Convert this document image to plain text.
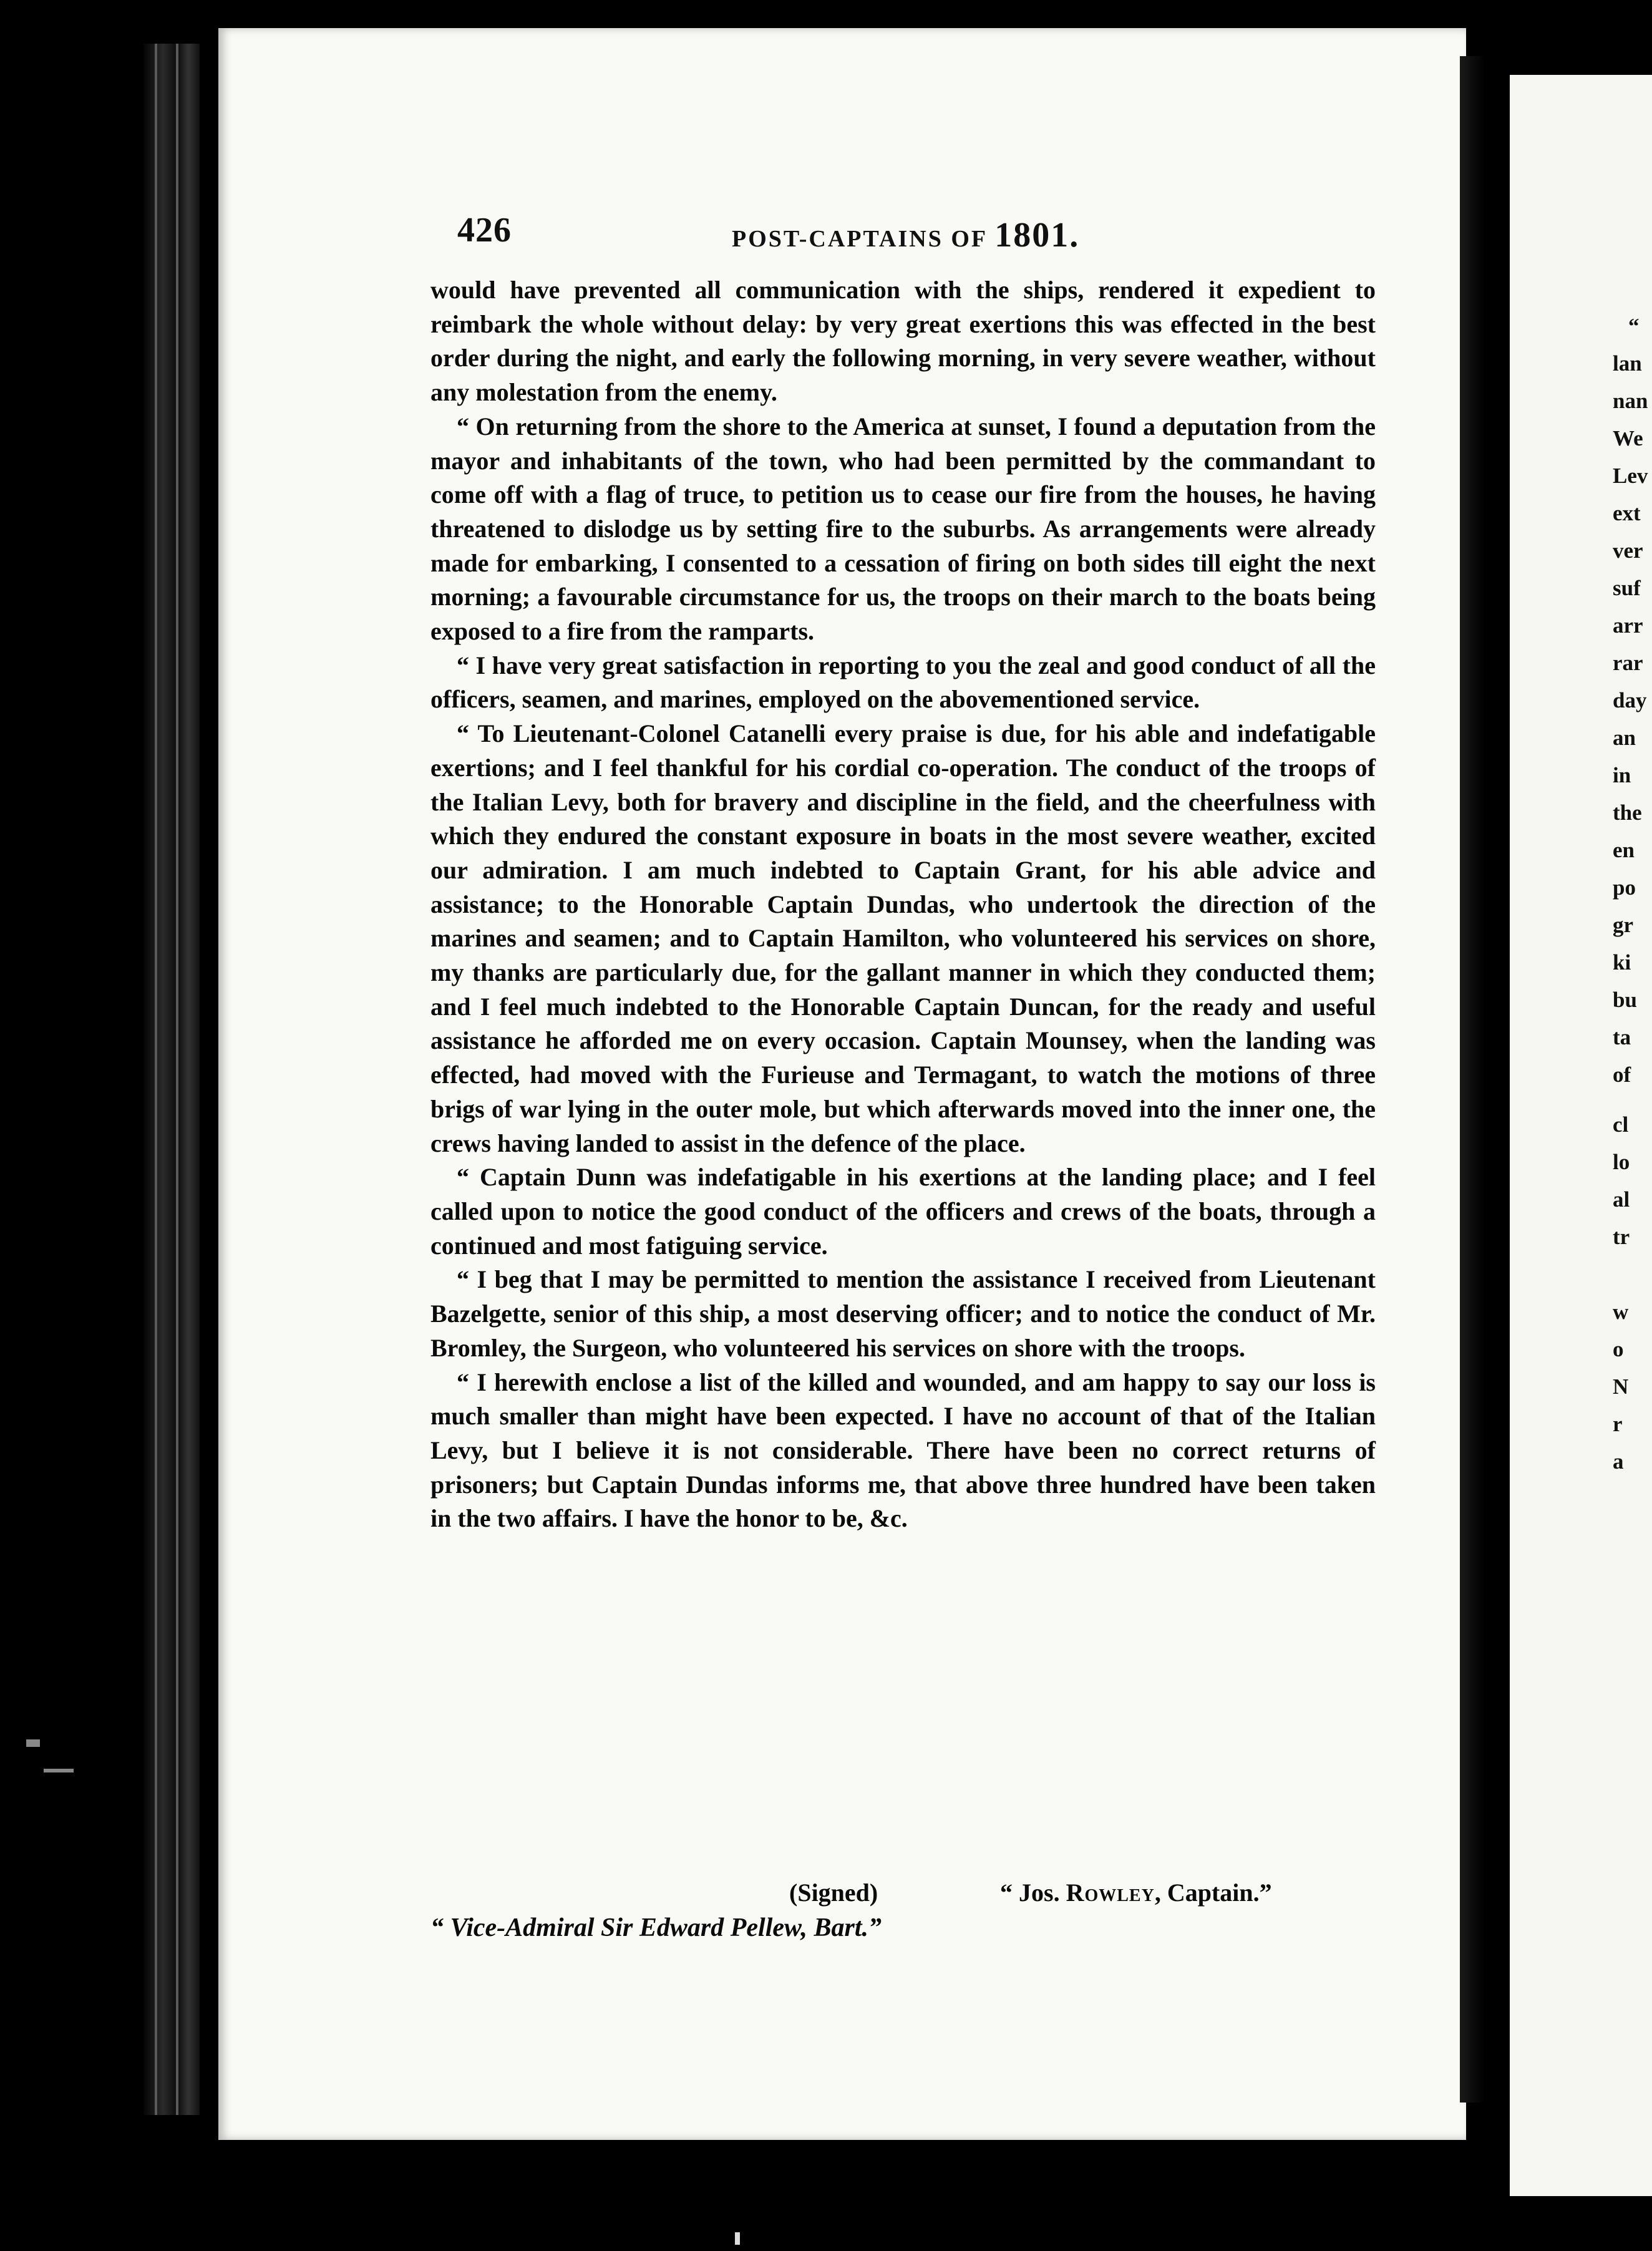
“
lan
nan
We
Lev
ext
ver
suf
arr
rar
day
an
in
the
en
po
gr
ki
bu
ta
of
cl
lo
al
tr
w
o
N
r
a
426	POST-CAPTAINS OF 1801.

would have prevented all communication with the ships, rendered it expedient to reimbark the whole without delay: by very great exertions this was effected in the best order during the night, and early the following morning, in very severe weather, without any molestation from the enemy.

“ On returning from the shore to the America at sunset, I found a deputation from the mayor and inhabitants of the town, who had been permitted by the commandant to come off with a flag of truce, to petition us to cease our fire from the houses, he having threatened to dislodge us by setting fire to the suburbs. As arrangements were already made for embarking, I consented to a cessation of firing on both sides till eight the next morning; a favourable circumstance for us, the troops on their march to the boats being exposed to a fire from the ramparts.

“ I have very great satisfaction in reporting to you the zeal and good conduct of all the officers, seamen, and marines, employed on the abovementioned service.

“ To Lieutenant-Colonel Catanelli every praise is due, for his able and indefatigable exertions; and I feel thankful for his cordial co-operation. The conduct of the troops of the Italian Levy, both for bravery and discipline in the field, and the cheerfulness with which they endured the constant exposure in boats in the most severe weather, excited our admiration. I am much indebted to Captain Grant, for his able advice and assistance; to the Honorable Captain Dundas, who undertook the direction of the marines and seamen; and to Captain Hamilton, who volunteered his services on shore, my thanks are particularly due, for the gallant manner in which they conducted them; and I feel much indebted to the Honorable Captain Duncan, for the ready and useful assistance he afforded me on every occasion. Captain Mounsey, when the landing was effected, had moved with the Furieuse and Termagant, to watch the motions of three brigs of war lying in the outer mole, but which afterwards moved into the inner one, the crews having landed to assist in the defence of the place.

“ Captain Dunn was indefatigable in his exertions at the landing place; and I feel called upon to notice the good conduct of the officers and crews of the boats, through a continued and most fatiguing service.

“ I beg that I may be permitted to mention the assistance I received from Lieutenant Bazelgette, senior of this ship, a most deserving officer; and to notice the conduct of Mr. Bromley, the Surgeon, who volunteered his services on shore with the troops.

“ I herewith enclose a list of the killed and wounded, and am happy to say our loss is much smaller than might have been expected. I have no account of that of the Italian Levy, but I believe it is not considerable. There have been no correct returns of prisoners; but Captain Dundas informs me, that above three hundred have been taken in the two affairs. I have the honor to be, &c.

(Signed)	“ Jos. Rowley, Captain.”
“ Vice-Admiral Sir Edward Pellew, Bart.”
